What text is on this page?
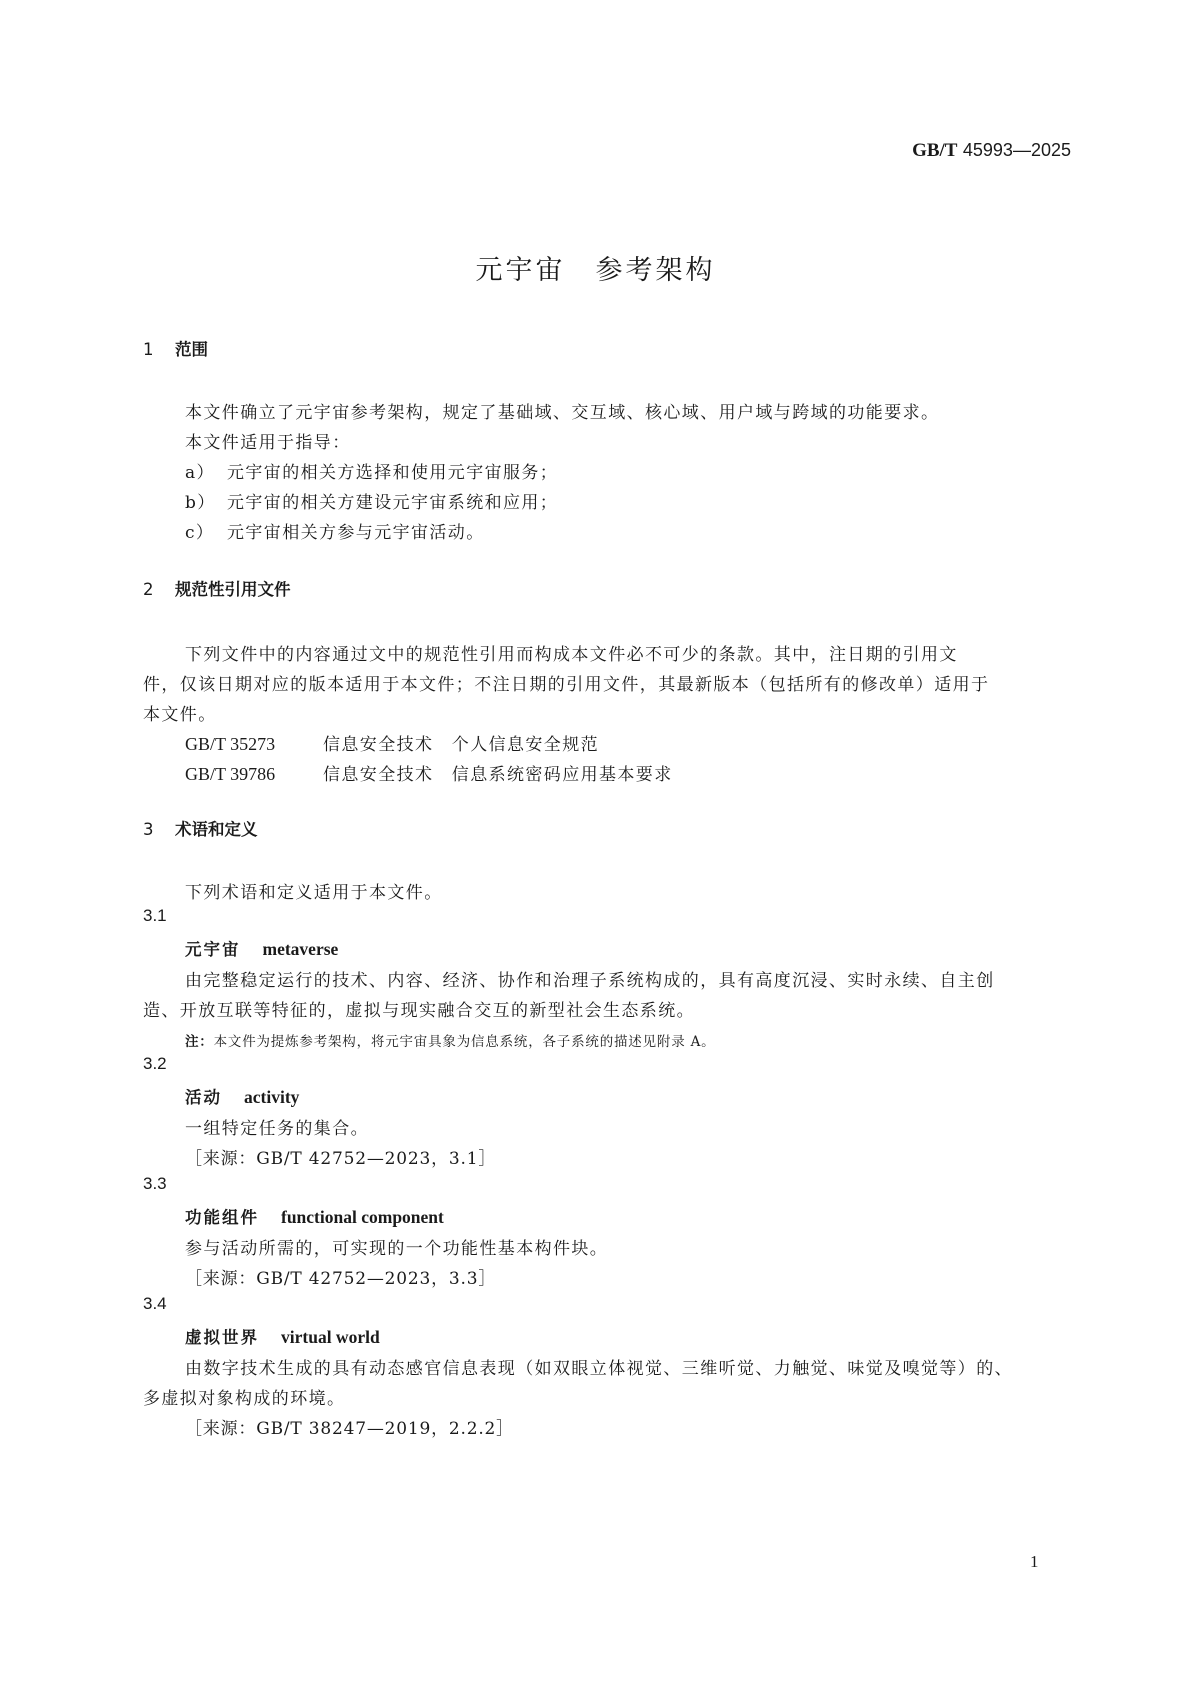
GB/T 45993—2025
元宇宙　参考架构
1 范围
本文件确立了元宇宙参考架构，规定了基础域、交互域、核心域、用户域与跨域的功能要求。
本文件适用于指导：
a） 元宇宙的相关方选择和使用元宇宙服务；
b） 元宇宙的相关方建设元宇宙系统和应用；
c） 元宇宙相关方参与元宇宙活动。
2 规范性引用文件
下列文件中的内容通过文中的规范性引用而构成本文件必不可少的条款。其中，注日期的引用文
件，仅该日期对应的版本适用于本文件；不注日期的引用文件，其最新版本（包括所有的修改单）适用于
本文件。
GB/T 35273	信息安全技术　个人信息安全规范
GB/T 39786	信息安全技术　信息系统密码应用基本要求
3 术语和定义
下列术语和定义适用于本文件。
3.1
元宇宙 metaverse
由完整稳定运行的技术、内容、经济、协作和治理子系统构成的，具有高度沉浸、实时永续、自主创
造、开放互联等特征的，虚拟与现实融合交互的新型社会生态系统。
注：本文件为提炼参考架构，将元宇宙具象为信息系统，各子系统的描述见附录 A。
3.2
活动 activity
一组特定任务的集合。
［来源：GB/T 42752—2023，3.1］
3.3
功能组件 functional component
参与活动所需的，可实现的一个功能性基本构件块。
［来源：GB/T 42752—2023，3.3］
3.4
虚拟世界 virtual world
由数字技术生成的具有动态感官信息表现（如双眼立体视觉、三维听觉、力触觉、味觉及嗅觉等）的、
多虚拟对象构成的环境。
［来源：GB/T 38247—2019，2.2.2］
1
